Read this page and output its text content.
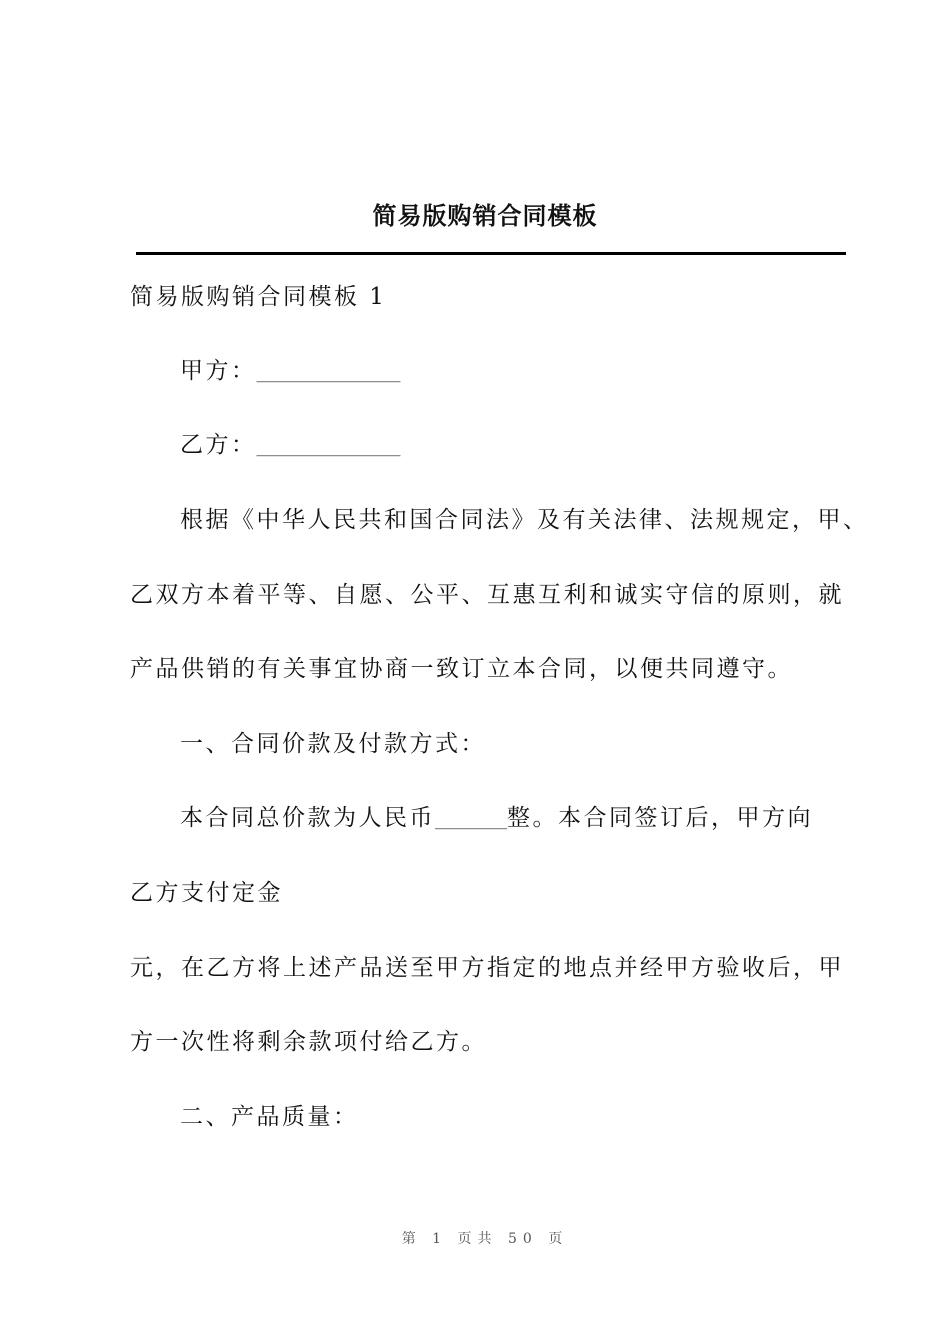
简易版购销合同模板
简易版购销合同模板 1
甲方：________________
乙方：________________
根据《中华人民共和国合同法》及有关法律、法规规定，甲、
乙双方本着平等、自愿、公平、互惠互利和诚实守信的原则，就
产品供销的有关事宜协商一致订立本合同，以便共同遵守。
一、合同价款及付款方式：
本合同总价款为人民币________整。本合同签订后，甲方向
乙方支付定金
元，在乙方将上述产品送至甲方指定的地点并经甲方验收后，甲
方一次性将剩余款项付给乙方。
二、产品质量：
第 1 页共 50 页
